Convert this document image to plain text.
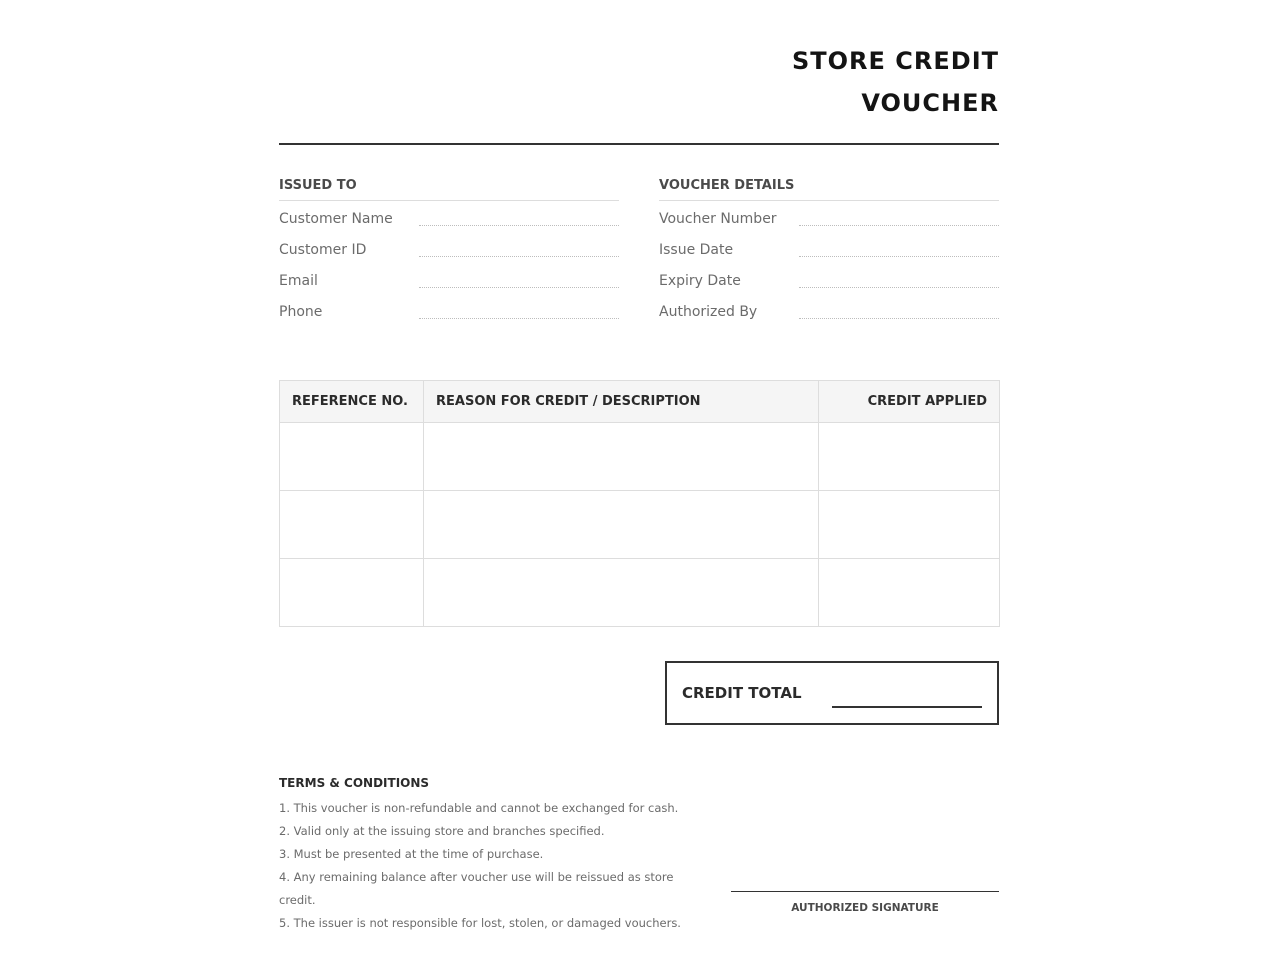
STORE CREDIT
VOUCHER
ISSUED TO
Customer Name
Customer ID
Email
Phone
VOUCHER DETAILS
Voucher Number
Issue Date
Expiry Date
Authorized By
REFERENCE NO.	REASON FOR CREDIT / DESCRIPTION	CREDIT APPLIED

CREDIT TOTAL
TERMS & CONDITIONS
1. This voucher is non-refundable and cannot be exchanged for cash.
2. Valid only at the issuing store and branches specified.
3. Must be presented at the time of purchase.
4. Any remaining balance after voucher use will be reissued as store credit.
5. The issuer is not responsible for lost, stolen, or damaged vouchers.
AUTHORIZED SIGNATURE
